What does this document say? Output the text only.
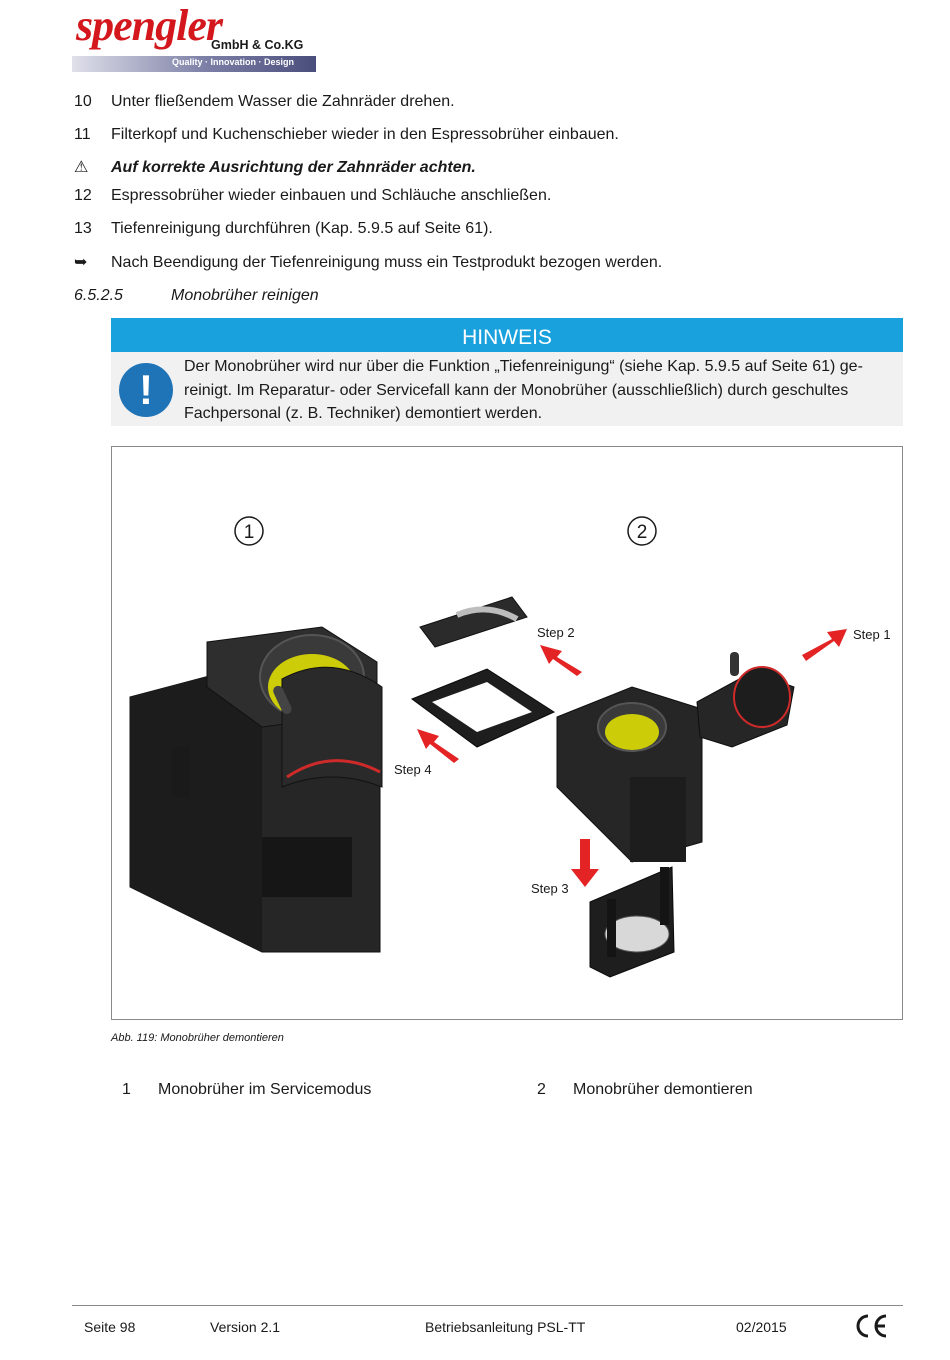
spengler
GmbH & Co.KG
Quality · Innovation · Design
10	Unter fließendem Wasser die Zahnräder drehen.
11	Filterkopf und Kuchenschieber wieder in den Espressobrüher einbauen.
⚠	Auf korrekte Ausrichtung der Zahnräder achten.
12	Espressobrüher wieder einbauen und Schläuche anschließen.
13	Tiefenreinigung durchführen (Kap. 5.9.5 auf Seite 61).
➥	Nach Beendigung der Tiefenreinigung muss ein Testprodukt bezogen werden.
6.5.2.5	Monobrüher reinigen
HINWEIS
!	Der Monobrüher wird nur über die Funktion „Tiefenreinigung“ (siehe Kap. 5.9.5 auf Seite 61) ge-reinigt. Im Reparatur- oder Servicefall kann der Monobrüher (ausschließlich) durch geschultes Fachpersonal (z. B. Techniker) demontiert werden.
1	2
Step 2	Step 1
Step 3
Step 4
Abb. 119: Monobrüher demontieren
1 Monobrüher im Servicemodus	2 Monobrüher demontieren
Seite 98	Version 2.1	Betriebsanleitung PSL-TT	02/2015
